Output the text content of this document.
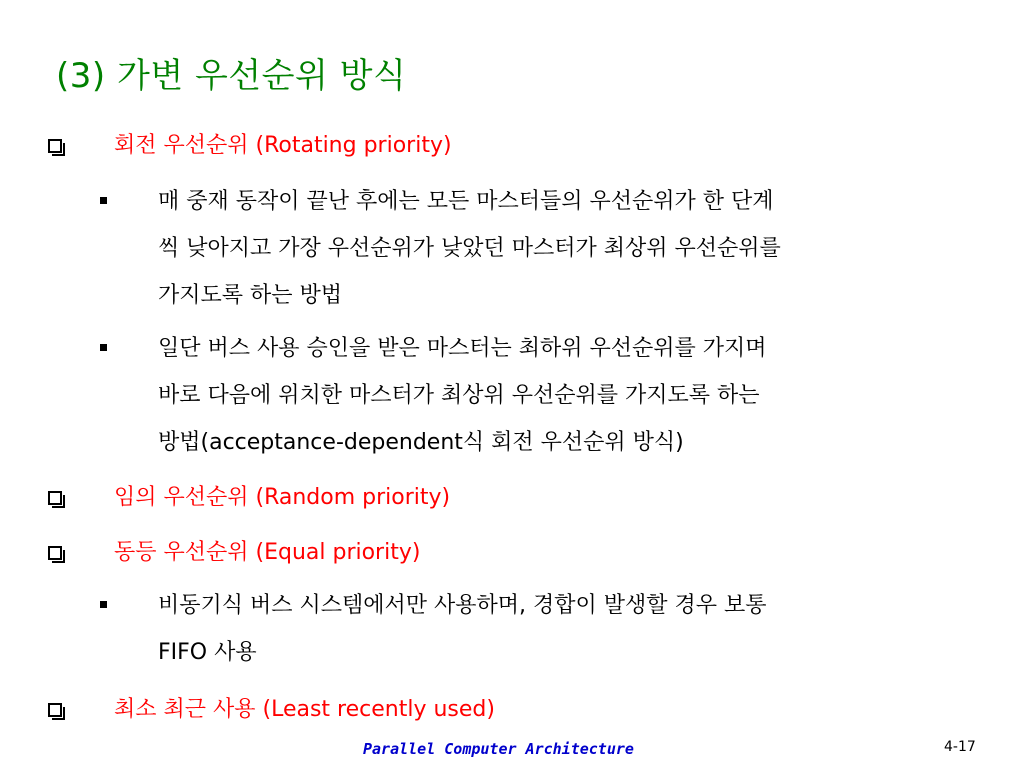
(3) 가변 우선순위 방식
회전 우선순위 (Rotating priority)
매 중재 동작이 끝난 후에는 모든 마스터들의 우선순위가 한 단계
씩 낮아지고 가장 우선순위가 낮았던 마스터가 최상위 우선순위를
가지도록 하는 방법
일단 버스 사용 승인을 받은 마스터는 최하위 우선순위를 가지며
바로 다음에 위치한 마스터가 최상위 우선순위를 가지도록 하는
방법(acceptance-dependent식 회전 우선순위 방식)
임의 우선순위 (Random priority)
동등 우선순위 (Equal priority)
비동기식 버스 시스템에서만 사용하며, 경합이 발생할 경우 보통
FIFO 사용
최소 최근 사용 (Least recently used)
Parallel Computer Architecture	4-17
